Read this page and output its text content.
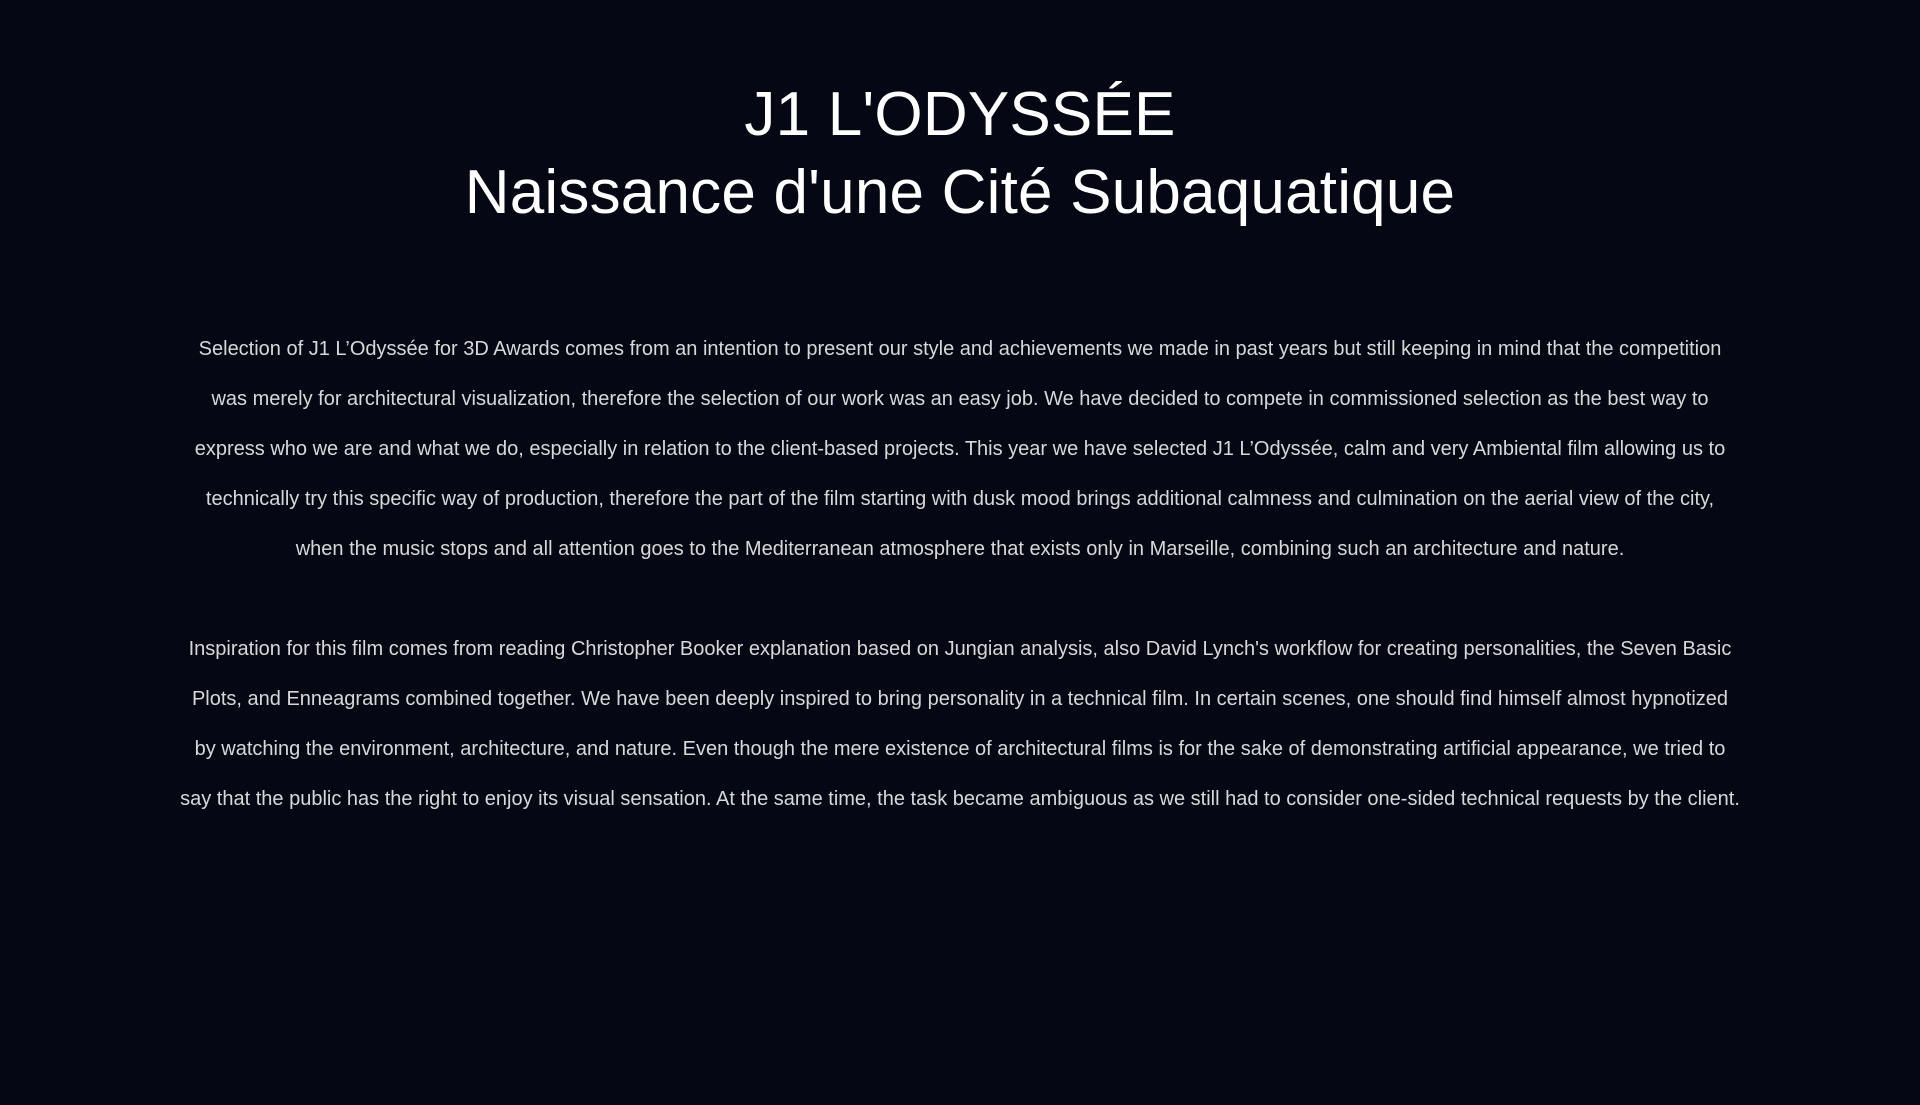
J1 L'ODYSSÉE
Naissance d'une Cité Subaquatique

Selection of J1 L’Odyssée for 3D Awards comes from an intention to present our style and achievements we made in past years but still keeping in mind that the competition was merely for architectural visualization, therefore the selection of our work was an easy job. We have decided to compete in commissioned selection as the best way to express who we are and what we do, especially in relation to the client-based projects. This year we have selected J1 L’Odyssée, calm and very Ambiental film allowing us to technically try this specific way of production, therefore the part of the film starting with dusk mood brings additional calmness and culmination on the aerial view of the city, when the music stops and all attention goes to the Mediterranean atmosphere that exists only in Marseille, combining such an architecture and nature.

Inspiration for this film comes from reading Christopher Booker explanation based on Jungian analysis, also David Lynch's workflow for creating personalities, the Seven Basic Plots, and Enneagrams combined together. We have been deeply inspired to bring personality in a technical film. In certain scenes, one should find himself almost hypnotized by watching the environment, architecture, and nature. Even though the mere existence of architectural films is for the sake of demonstrating artificial appearance, we tried to say that the public has the right to enjoy its visual sensation. At the same time, the task became ambiguous as we still had to consider one-sided technical requests by the client.
